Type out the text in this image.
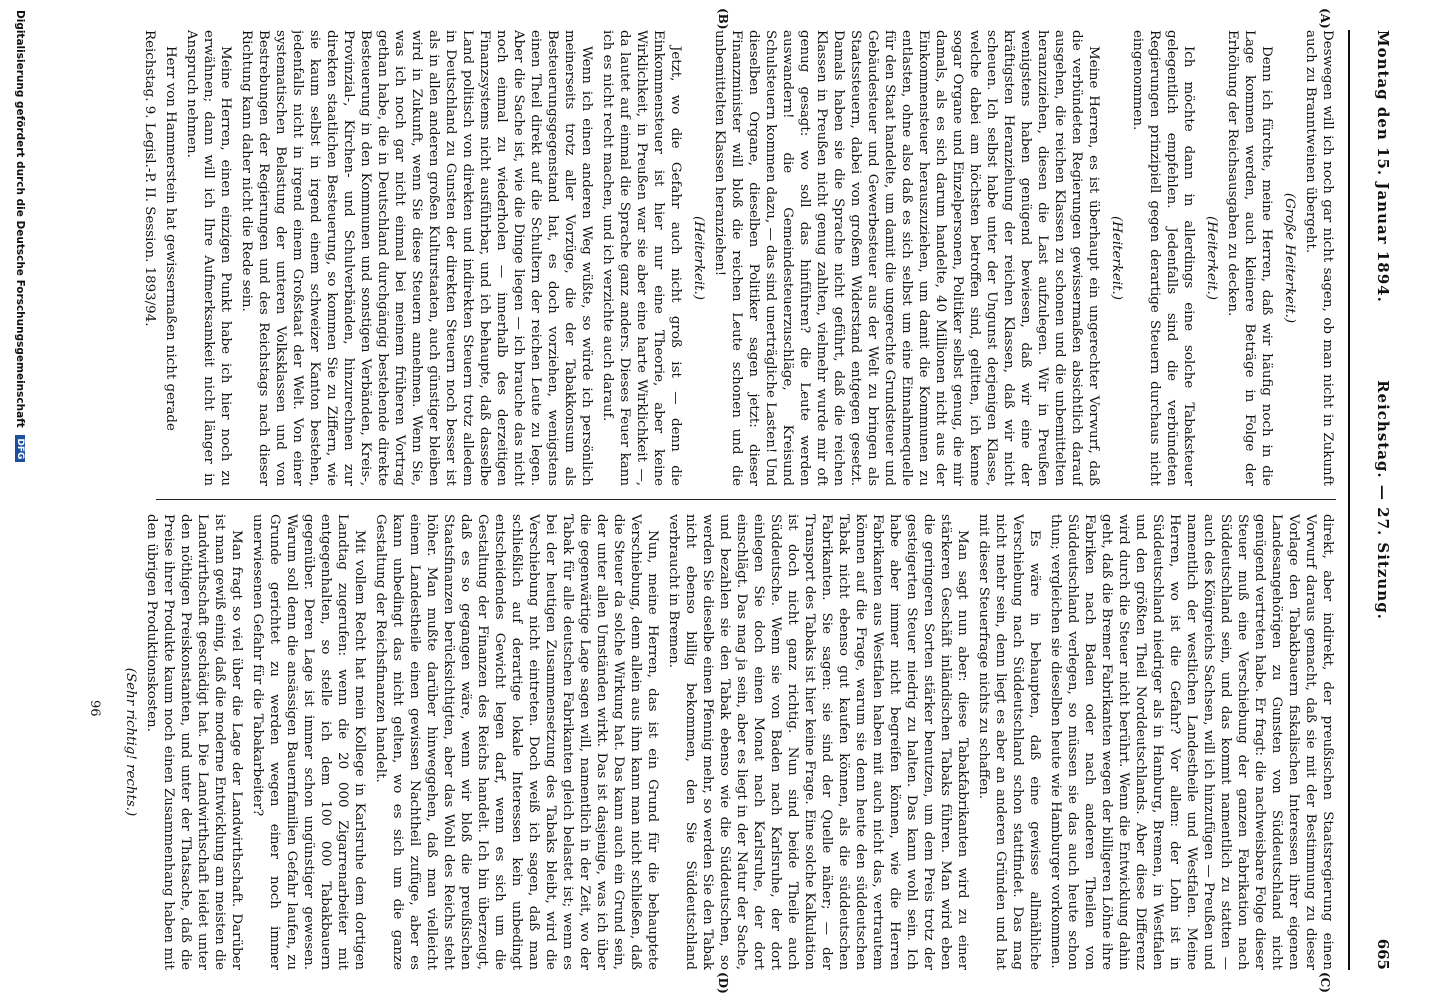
Montag den 15. Januar 1894.
Reichstag. — 27. Sitzung.
665
(A)
(B)
(C)
(D)

Deswegen will ich noch gar nicht sagen, ob man nicht in Zukunft auch zu Branntweinen übergeht.

(Große Heiterkeit.)

Denn ich fürchte, meine Herren, daß wir häufig noch in die Lage kommen werden, auch kleinere Beträge in Folge der Erhöhung der Reichsausgaben zu decken.

(Heiterkeit.)

Ich möchte dann in allerdings eine solche Tabaksteuer gelegentlich empfehlen. Jedenfalls sind die verbündeten Regierungen prinzipiell gegen derartige Steuern durchaus nicht eingenommen.

(Heiterkeit.)

Meine Herren, es ist überhaupt ein ungerechter Vorwurf, daß die verbündeten Regierungen gewissermaßen absichtlich darauf ausgehen, die reichen Klassen zu schonen und die unbemittelten heranzuziehen, diesen die Last aufzulegen. Wir in Preußen wenigstens haben genügend bewiesen, daß wir eine der kräftigsten Heranziehung der reichen Klassen, daß wir nicht scheuen. Ich selbst habe unter der Ungunst derjenigen Klasse, welche dabei am höchsten betroffen sind, gelitten, ich kenne sogar Organe und Einzelpersonen, Politiker selbst genug, die mir damals, als es sich darum handelte, 40 Millionen nicht aus der Einkommensteuer herauszuziehen, um damit die Kommunen zu entlasten, ohne also daß es sich selbst um eine Einnahmequelle für den Staat handelte, um damit die ungerechte Grundsteuer und Gebäudesteuer und Gewerbesteuer aus der Welt zu bringen als Staatssteuern, dabei von großem Widerstand entgegen gesetzt. Damals haben sie die Sprache nicht geführt, daß die reichen Klassen in Preußen nicht genug zahlten, vielmehr wurde mir oft genug gesagt: wo soll das hinführen? die Leute werden auswandern! die Gemeindesteuerzuschläge, Kreisund Schulsteuern kommen dazu, — das sind unerträgliche Lasten! Und dieselben Organe, dieselben Politiker sagen jetzt: dieser Finanzminister will bloß die reichen Leute schonen und die unbemittelten Klassen heranziehen!

(Heiterkeit.)

Jetzt, wo die Gefahr auch nicht groß ist — denn die Einkommensteuer ist hier nur eine Theorie, aber keine Wirklichkeit, in Preußen war sie aber eine harte Wirklichkeit —, da lautet auf einmal die Sprache ganz anders. Dieses Feuer kann ich es nicht recht machen, und ich verzichte auch darauf.

Wenn ich einen anderen Weg wüßte, so würde ich persönlich meinerseits trotz aller Vorzüge, die der Tabakkonsum als Besteuerungsgegenstand hat, es doch vorziehen, wenigstens einen Theil direkt auf die Schultern der reichen Leute zu legen. Aber die Sache ist, wie die Dinge liegen — ich brauche das nicht noch einmal zu wiederholen — innerhalb des derzeitigen Finanzsystems nicht ausführbar, und ich behaupte, daß dasselbe Land politisch von direkten und indirekten Steuern trotz alledem in Deutschland zu Gunsten der direkten Steuern noch besser ist als in allen anderen großen Kulturstaaten, auch günstiger bleiben wird in Zukunft, wenn Sie diese Steuern annehmen. Wenn Sie, was ich noch gar nicht einmal bei meinem früheren Vortrag gethan habe, die in Deutschland durchgängig bestehende direkte Besteuerung in den Kommunen und sonstigen Verbänden, Kreis-, Provinzial-, Kirchen- und Schulverbänden, hinzurechnen zur direkten staatlichen Besteuerung, so kommen Sie zu Ziffern, wie sie kaum selbst in irgend einem schweizer Kanton bestehen, jedenfalls nicht in irgend einem Großstaat der Welt. Von einer systematischen Belastung der unteren Volksklassen und von Bestrebungen der Regierungen und des Reichstags nach dieser Richtung kann daher nicht die Rede sein.

Meine Herren, einen einzigen Punkt habe ich hier noch zu erwähnen; dann will ich Ihre Aufmerksamkeit nicht länger in Anspruch nehmen.

Herr von Hammerstein hat gewissermaßen nicht gerade

Reichstag. 9. Legisl.-P. II. Session. 1893/94.

direkt, aber indirekt, der preußischen Staatsregierung einen Vorwurf daraus gemacht, daß sie mit der Bestimmung zu dieser Vorlage den Tabakbauern fiskalischen Interessen ihrer eigenen Landesangehörigen zu Gunsten von Süddeutschland nicht genügend vertreten habe. Er fragt: die nachweisbare Folge dieser Steuer muß eine Verschiebung der ganzen Fabrikation nach Süddeutschland sein, und das kommt namentlich zu statten — auch des Königreichs Sachsen, will ich hinzufügen — Preußen und namentlich der westlichen Landestheile und Westfalen. Meine Herren, wo ist die Gefahr? Vor allem: der Lohn ist in Süddeutschland niedriger als in Hamburg, Bremen, in Westfalen und den größten Theil Norddeutschlands. Aber diese Differenz wird durch die Steuer nicht berührt. Wenn die Entwicklung dahin geht, daß die Bremer Fabrikanten wegen der billigeren Löhne ihre Fabriken nach Baden oder nach anderen Theilen von Süddeutschland verlegen, so müssen sie das auch heute schon thun; vergleichen sie dieselben heute wie Hamburger vorkommen.

Es wäre in behaupten, daß eine gewisse allmähliche Verschiebung nach Süddeutschland schon stattfindet. Das mag nicht mehr sein, denn liegt es aber an anderen Gründen und hat mit dieser Steuerfrage nichts zu schaffen.

Man sagt nun aber: diese Tabakfabrikanten wird zu einer stärkeren Geschäft inländischen Tabaks führen. Man wird eben die geringeren Sorten stärker benutzen, um dem Preis trotz der gesteigerten Steuer niedrig zu halten. Das kann wohl sein. Ich habe aber immer nicht begreifen können, wie die Herren Fabrikanten aus Westfalen haben mit auch nicht das, vertrautem können auf die Frage, warum sie denn heute den süddeutschen Tabak nicht ebenso gut kaufen können, als die süddeutschen Fabrikanten. Sie sagen: sie sind der Quelle näher; — der Transport des Tabaks ist hier keine Frage. Eine solche Kalkulation ist doch nicht ganz richtig. Nun sind beide Theile auch Süddeutsche. Wenn sie von Baden nach Karlsruhe, der dort einlegen Sie doch einen Monat nach Karlsruhe, der dort einschlägt. Das mag ja sein, aber es liegt in der Natur der Sache, und bezahlen sie den Tabak ebenso wie die Süddeutschen, so werden Sie dieselbe einen Pfennig mehr, so werden Sie den Tabak nicht ebenso billig bekommen, den Sie Süddeutschland verbraucht in Bremen.

Nun, meine Herren, das ist ein Grund für die behauptete Verschiebung, denn allein aus ihm kann man nicht schließen, daß die Steuer da solche Wirkung hat. Das kann auch ein Grund sein, der unter allen Umständen wirkt. Das ist dasjenige, was ich über die gegenwärtige Lage sagen will, namentlich in der Zeit, wo der Tabak für alle deutschen Fabrikanten gleich belastet ist; wenn es bei der heutigen Zusammensetzung des Tabaks bleibt, wird die Verschiebung nicht eintreten. Doch weiß ich sagen, daß man schließlich auf derartige lokale Interessen kein unbedingt entscheidendes Gewicht legen darf, wenn es sich um die Gestaltung der Finanzen des Reichs handelt. Ich bin überzeugt, daß es so gegangen wäre, wenn wir bloß die preußischen Staatsfinanzen berücksichtigten, aber das Wohl des Reichs steht höher. Man mußte darüber hinweggehen, daß man vielleicht einem Landestheile einen gewissen Nachtheil zufüge, aber es kann unbedingt das nicht gelten, wo es sich um die ganze Gestaltung der Reichsfinanzen handelt.

Mit vollem Recht hat mein Kollege in Karlsruhe dem dortigen Landtag zugerufen: wenn die 20 000 Zigarrenarbeiter mit entgegenhalten, so stelle ich dem 100 000 Tabakbauern gegenüber. Deren Lage ist immer schon ungünstiger gewesen. Warum soll denn die ansässigen Bauernfamilien Gefahr laufen, zu Grunde gerichtet zu werden wegen einer noch immer unerwiesenen Gefahr für die Tabakarbeiter?

Man fragt so viel über die Lage der Landwirthschaft. Darüber ist man gewiß einig, daß die moderne Entwicklung am meisten die Landwirthschaft geschädigt hat. Die Landwirthschaft leidet unter den nöthigen Preiskonstanten, und unter der Thatsache, daß die Preise ihrer Produkte kaum noch einen Zusammenhang haben mit den übrigen Produktionskosten.

(Sehr richtig! rechts.)

96
Digitalisierung gefördert durch die Deutsche Forschungsgemeinschaft DFG
